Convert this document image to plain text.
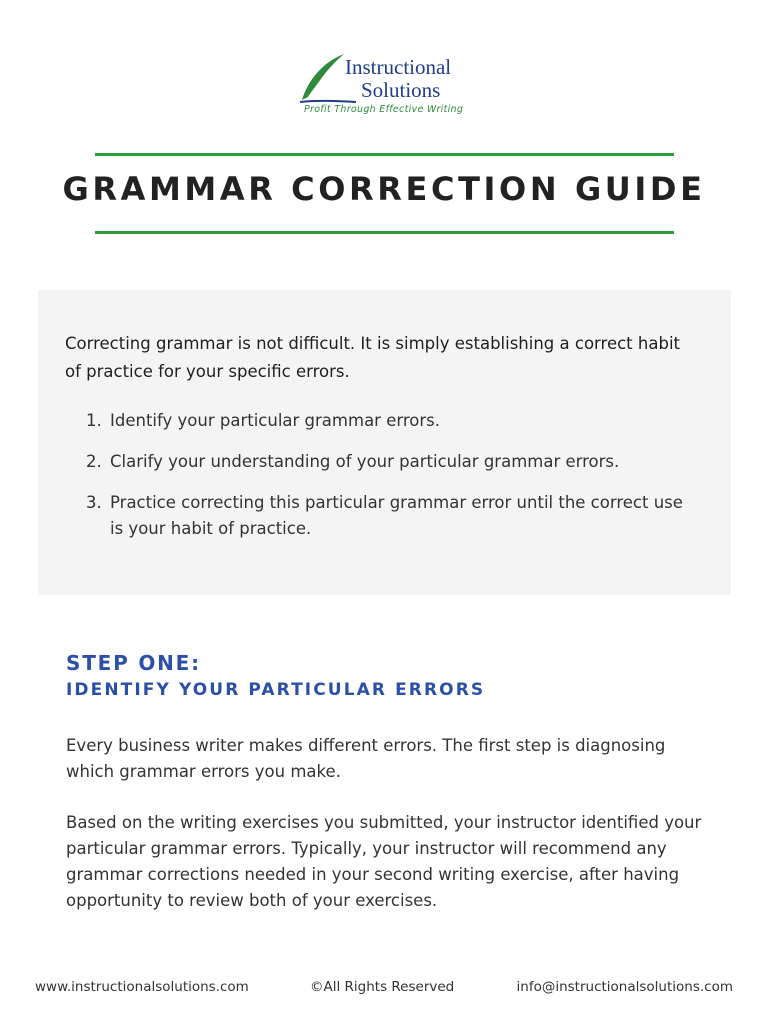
Instructional
Solutions
Profit Through Effective Writing
GRAMMAR CORRECTION GUIDE
Correcting grammar is not difficult. It is simply establishing a correct habit of practice for your specific errors.
1. Identify your particular grammar errors.
2. Clarify your understanding of your particular grammar errors.
3. Practice correcting this particular grammar error until the correct use is your habit of practice.
STEP ONE:
IDENTIFY YOUR PARTICULAR ERRORS
Every business writer makes different errors. The first step is diagnosing which grammar errors you make.
Based on the writing exercises you submitted, your instructor identified your particular grammar errors. Typically, your instructor will recommend any grammar corrections needed in your second writing exercise, after having opportunity to review both of your exercises.
www.instructionalsolutions.com	©All Rights Reserved	info@instructionalsolutions.com
